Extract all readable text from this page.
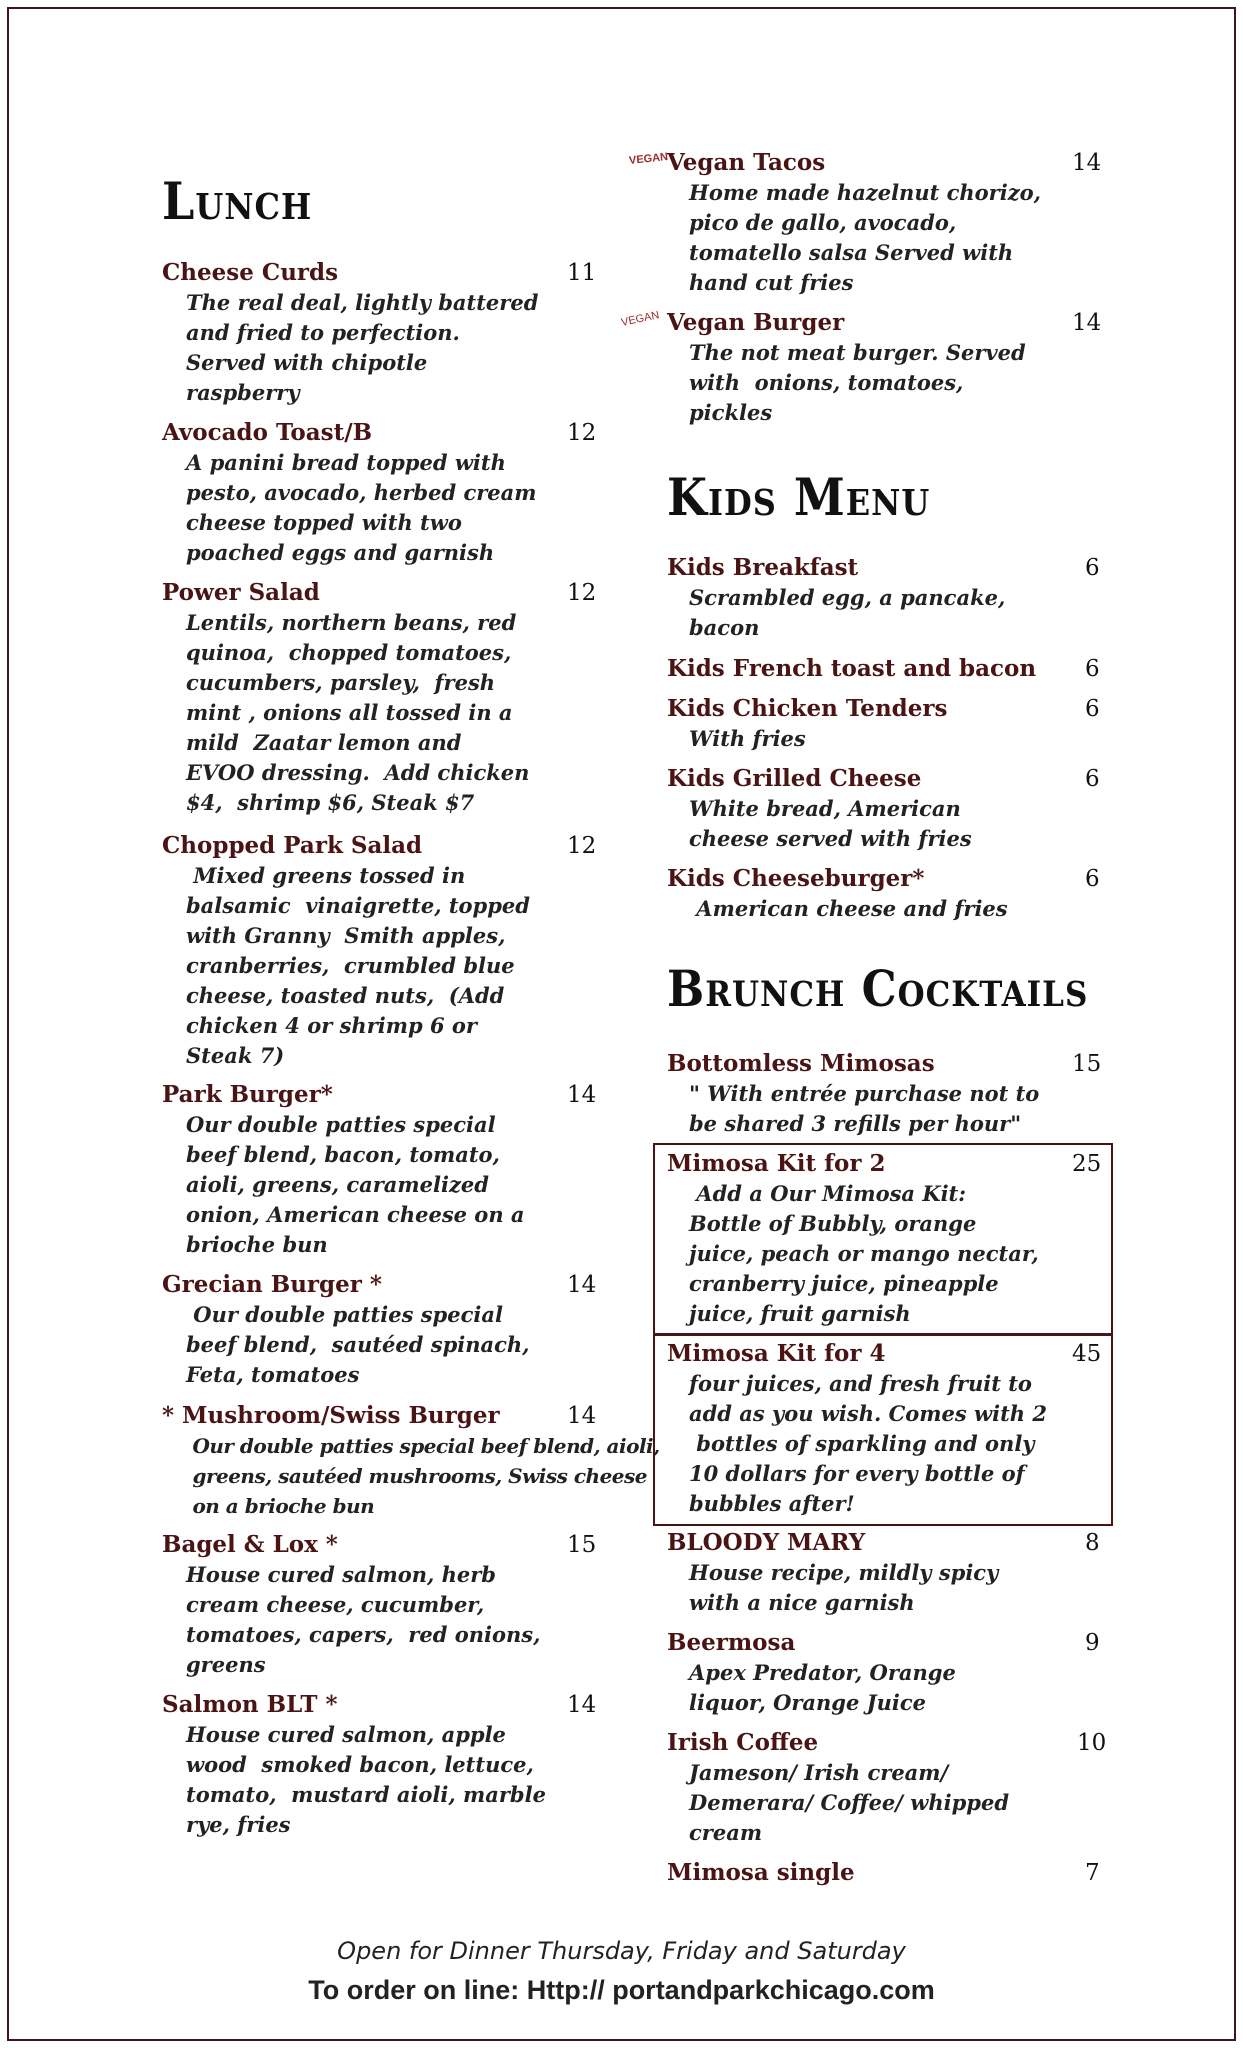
Lunch
Cheese Curds	11

The real deal, lightly battered
and fried to perfection.
Served with chipotle
raspberry

Avocado Toast/B	12

A panini bread topped with
pesto, avocado, herbed cream
cheese topped with two
poached eggs and garnish

Power Salad	12

Lentils, northern beans, red
quinoa,  chopped tomatoes,
cucumbers, parsley,  fresh
mint , onions all tossed in a
mild  Zaatar lemon and
EVOO dressing.  Add chicken
$4,  shrimp $6, Steak $7

Chopped Park Salad	12

Mixed greens tossed in
balsamic  vinaigrette, topped
with Granny  Smith apples,
cranberries,  crumbled blue
cheese, toasted nuts,  (Add
chicken 4 or shrimp 6 or
Steak 7)

Park Burger*	14

Our double patties special
beef blend, bacon, tomato,
aioli, greens, caramelized
onion, American cheese on a
brioche bun

Grecian Burger *	14

Our double patties special
beef blend,  sautéed spinach,
Feta, tomatoes

* Mushroom/Swiss Burger	14

Our double patties special beef blend, aioli,
greens, sautéed mushrooms, Swiss cheese
on a brioche bun

Bagel & Lox *	15

House cured salmon, herb
cream cheese, cucumber,
tomatoes, capers,  red onions,
greens

Salmon BLT *	14

House cured salmon, apple
wood  smoked bacon, lettuce,
tomato,  mustard aioli, marble
rye, fries

VEGAN
Vegan Tacos	14

Home made hazelnut chorizo,
pico de gallo, avocado,
tomatello salsa Served with
hand cut fries

VEGAN Vegan Burger	14

The not meat burger. Served
with  onions, tomatoes,
pickles

Kids Menu
Kids Breakfast	6

Scrambled egg, a pancake,
bacon

Kids French toast and bacon 6
Kids Chicken Tenders	6

With fries

Kids Grilled Cheese	6

White bread, American
cheese served with fries

Kids Cheeseburger*	6

American cheese and fries

Brunch Cocktails
Bottomless Mimosas	15

" With entrée purchase not to
be shared 3 refills per hour"

Mimosa Kit for 2	25

Add a Our Mimosa Kit:
Bottle of Bubbly, orange
juice, peach or mango nectar,
cranberry juice, pineapple
juice, fruit garnish

Mimosa Kit for 4	45

four juices, and fresh fruit to
add as you wish. Comes with 2
bottles of sparkling and only
10 dollars for every bottle of
bubbles after!

BLOODY MARY	8

House recipe, mildly spicy
with a nice garnish

Beermosa	9

Apex Predator, Orange
liquor, Orange Juice

Irish Coffee	10

Jameson/ Irish cream/
Demerara/ Coffee/ whipped
cream

Mimosa single	7
Open for Dinner Thursday, Friday and Saturday
To order on line: Http:// portandparkchicago.com
